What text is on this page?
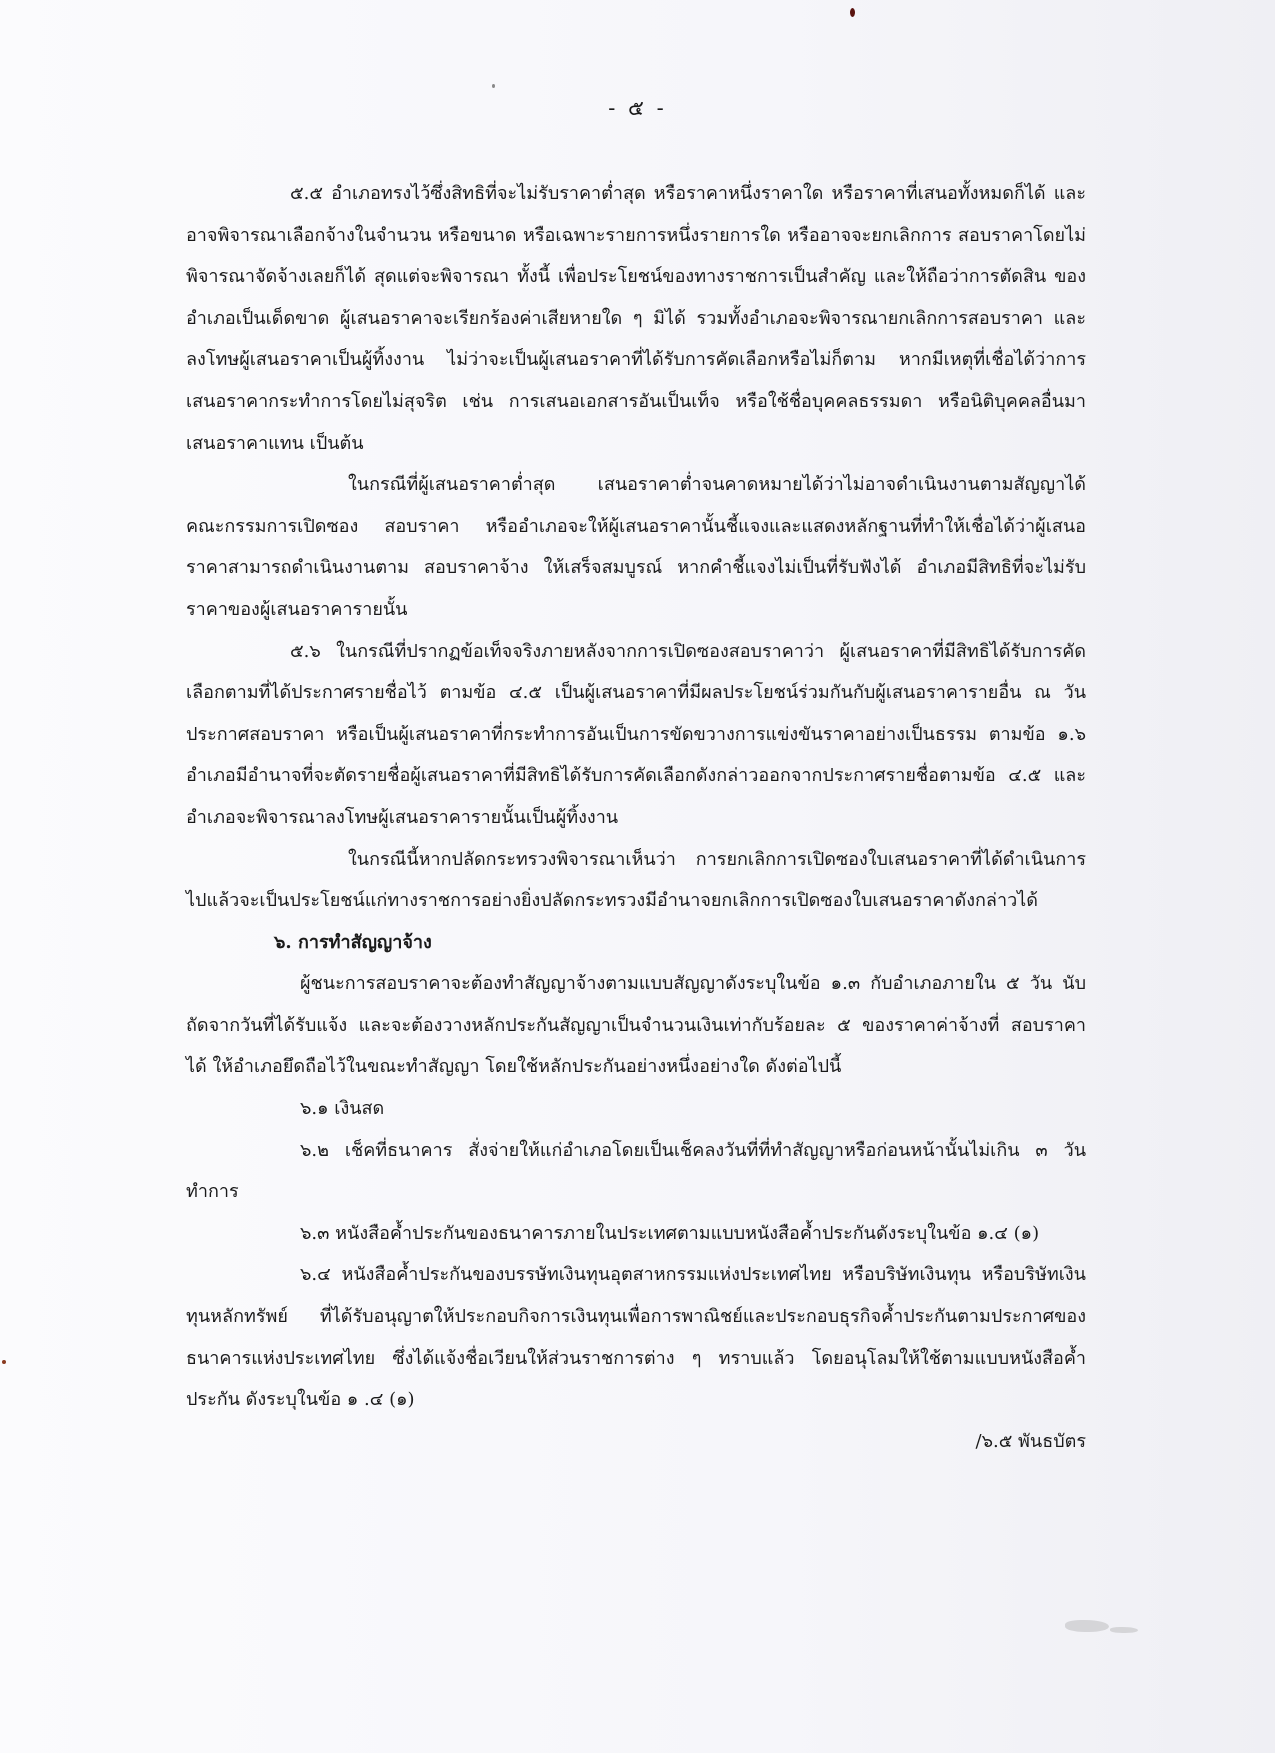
- ๕ -

๕.๕ อำเภอทรงไว้ซึ่งสิทธิที่จะไม่รับราคาต่ำสุด หรือราคาหนึ่งราคาใด หรือราคาที่เสนอทั้งหมดก็ได้ และอาจพิจารณาเลือกจ้างในจำนวน หรือขนาด หรือเฉพาะรายการหนึ่งรายการใด หรืออาจจะยกเลิกการ สอบราคาโดยไม่พิจารณาจัดจ้างเลยก็ได้ สุดแต่จะพิจารณา ทั้งนี้ เพื่อประโยชน์ของทางราชการเป็นสำคัญ และให้ถือว่าการตัดสิน ของอำเภอเป็นเด็ดขาด ผู้เสนอราคาจะเรียกร้องค่าเสียหายใด ๆ มิได้ รวมทั้งอำเภอจะพิจารณายกเลิกการสอบราคา และลงโทษผู้เสนอราคาเป็นผู้ทิ้งงาน ไม่ว่าจะเป็นผู้เสนอราคาที่ได้รับการคัดเลือกหรือไม่ก็ตาม หากมีเหตุที่เชื่อได้ว่าการเสนอราคากระทำการโดยไม่สุจริต เช่น การเสนอเอกสารอันเป็นเท็จ หรือใช้ชื่อบุคคลธรรมดา หรือนิติบุคคลอื่นมาเสนอราคาแทน เป็นต้น

ในกรณีที่ผู้เสนอราคาต่ำสุด เสนอราคาต่ำจนคาดหมายได้ว่าไม่อาจดำเนินงานตามสัญญาได้ คณะกรรมการเปิดซอง สอบราคา หรืออำเภอจะให้ผู้เสนอราคานั้นชี้แจงและแสดงหลักฐานที่ทำให้เชื่อได้ว่าผู้เสนอราคาสามารถดำเนินงานตาม สอบราคาจ้าง ให้เสร็จสมบูรณ์ หากคำชี้แจงไม่เป็นที่รับฟังได้ อำเภอมีสิทธิที่จะไม่รับราคาของผู้เสนอราคารายนั้น

๕.๖ ในกรณีที่ปรากฏข้อเท็จจริงภายหลังจากการเปิดซองสอบราคาว่า ผู้เสนอราคาที่มีสิทธิได้รับการคัดเลือกตามที่ได้ประกาศรายชื่อไว้ ตามข้อ ๔.๕ เป็นผู้เสนอราคาที่มีผลประโยชน์ร่วมกันกับผู้เสนอราคารายอื่น ณ วันประกาศสอบราคา หรือเป็นผู้เสนอราคาที่กระทำการอันเป็นการขัดขวางการแข่งขันราคาอย่างเป็นธรรม ตามข้อ ๑.๖ อำเภอมีอำนาจที่จะตัดรายชื่อผู้เสนอราคาที่มีสิทธิได้รับการคัดเลือกดังกล่าวออกจากประกาศรายชื่อตามข้อ ๔.๕ และอำเภอจะพิจารณาลงโทษผู้เสนอราคารายนั้นเป็นผู้ทิ้งงาน

ในกรณีนี้หากปลัดกระทรวงพิจารณาเห็นว่า การยกเลิกการเปิดซองใบเสนอราคาที่ได้ดำเนินการไปแล้วจะเป็นประโยชน์แก่ทางราชการอย่างยิ่งปลัดกระทรวงมีอำนาจยกเลิกการเปิดซองใบเสนอราคาดังกล่าวได้

๖. การทำสัญญาจ้าง

ผู้ชนะการสอบราคาจะต้องทำสัญญาจ้างตามแบบสัญญาดังระบุในข้อ ๑.๓ กับอำเภอภายใน ๕ วัน นับถัดจากวันที่ได้รับแจ้ง และจะต้องวางหลักประกันสัญญาเป็นจำนวนเงินเท่ากับร้อยละ ๕ ของราคาค่าจ้างที่ สอบราคา ได้ ให้อำเภอยึดถือไว้ในขณะทำสัญญา โดยใช้หลักประกันอย่างหนึ่งอย่างใด ดังต่อไปนี้

๖.๑ เงินสด

๖.๒ เช็คที่ธนาคาร สั่งจ่ายให้แก่อำเภอโดยเป็นเช็คลงวันที่ที่ทำสัญญาหรือก่อนหน้านั้นไม่เกิน ๓ วันทำการ

๖.๓ หนังสือค้ำประกันของธนาคารภายในประเทศตามแบบหนังสือค้ำประกันดังระบุในข้อ ๑.๔ (๑)

๖.๔ หนังสือค้ำประกันของบรรษัทเงินทุนอุตสาหกรรมแห่งประเทศไทย หรือบริษัทเงินทุน หรือบริษัทเงินทุนหลักทรัพย์ ที่ได้รับอนุญาตให้ประกอบกิจการเงินทุนเพื่อการพาณิชย์และประกอบธุรกิจค้ำประกันตามประกาศของธนาคารแห่งประเทศไทย ซึ่งได้แจ้งชื่อเวียนให้ส่วนราชการต่าง ๆ ทราบแล้ว โดยอนุโลมให้ใช้ตามแบบหนังสือค้ำประกัน ดังระบุในข้อ ๑ .๔ (๑)

/๖.๕ พันธบัตร
